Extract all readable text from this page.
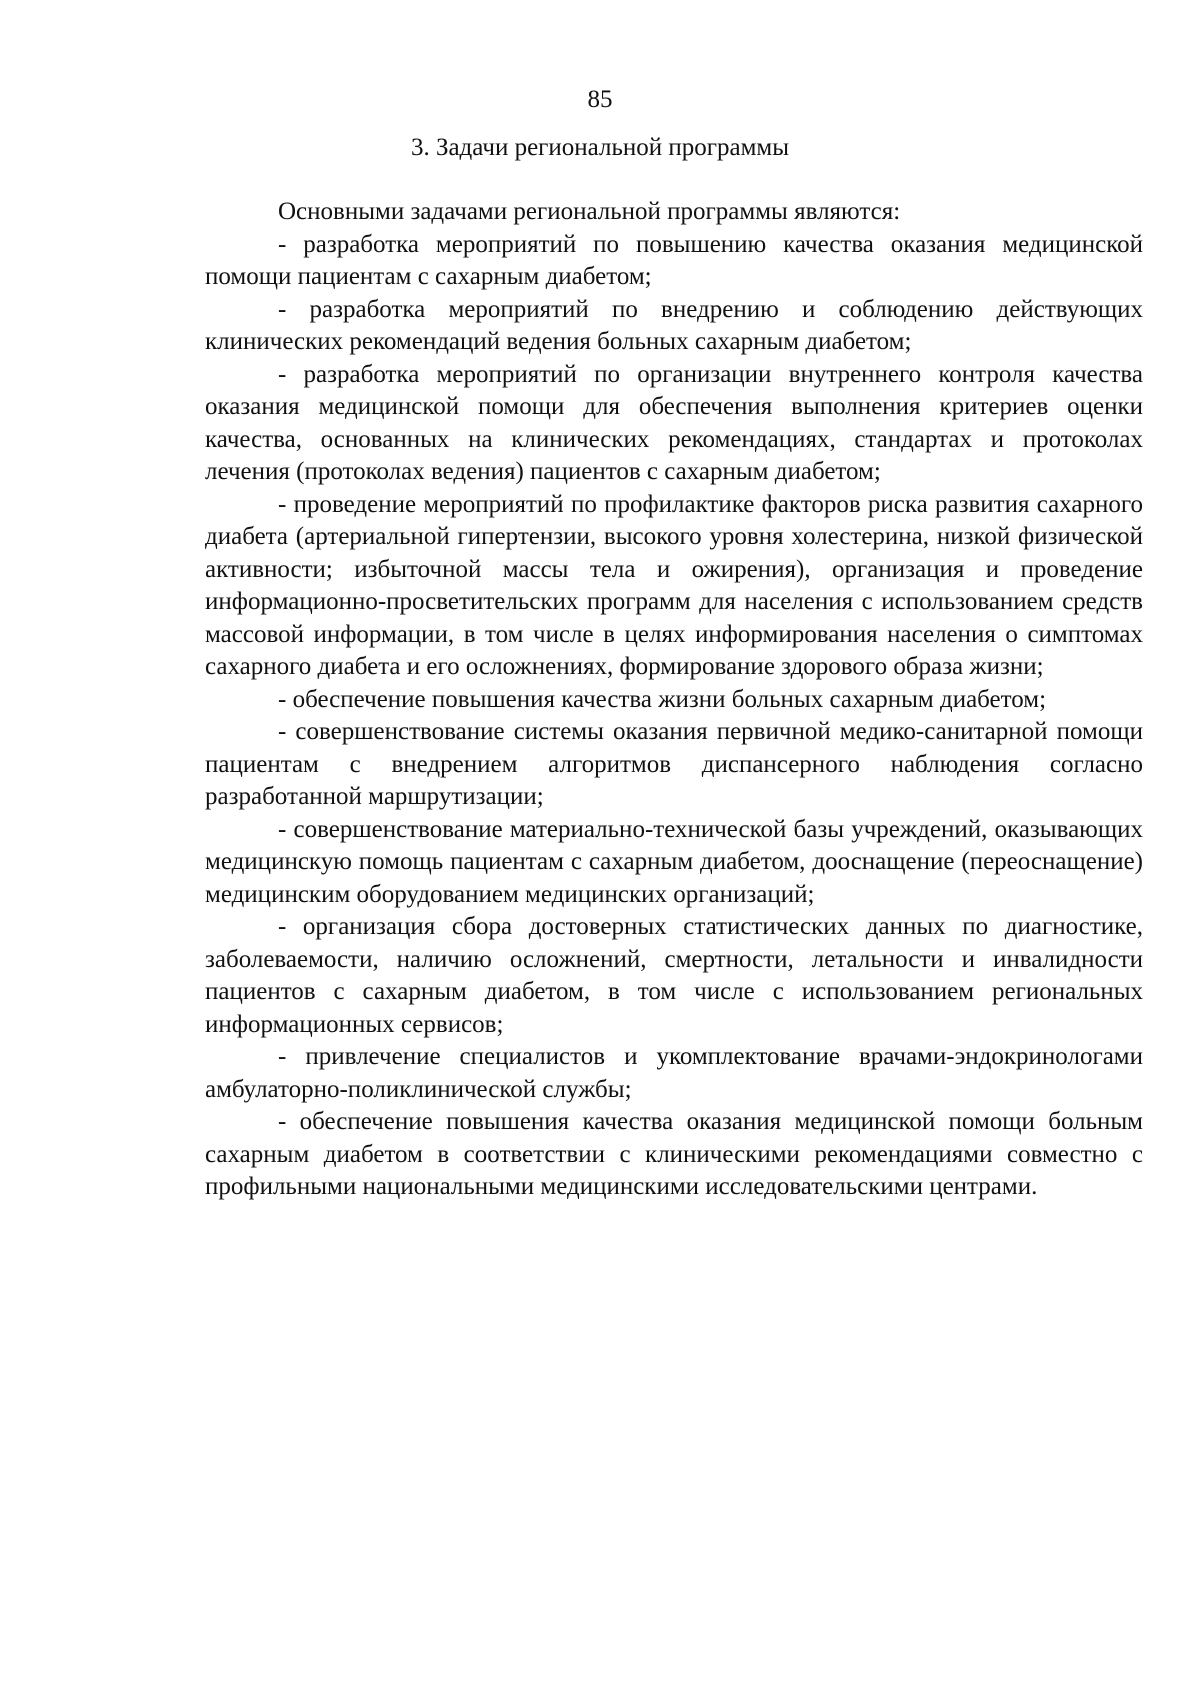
85
3. Задачи региональной программы

Основными задачами региональной программы являются:

- разработка мероприятий по повышению качества оказания медицинской помощи пациентам с сахарным диабетом;

- разработка мероприятий по внедрению и соблюдению действующих клинических рекомендаций ведения больных сахарным диабетом;

- разработка мероприятий по организации внутреннего контроля качества оказания медицинской помощи для обеспечения выполнения критериев оценки качества, основанных на клинических рекомендациях, стандартах и протоколах лечения (протоколах ведения) пациентов с сахарным диабетом;

- проведение мероприятий по профилактике факторов риска развития сахарного диабета (артериальной гипертензии, высокого уровня холестерина, низкой физической активности; избыточной массы тела и ожирения), организация и проведение информационно-просветительских программ для населения с использованием средств массовой информации, в том числе в целях информирования населения о симптомах сахарного диабета и его осложнениях, формирование здорового образа жизни;

- обеспечение повышения качества жизни больных сахарным диабетом;

- совершенствование системы оказания первичной медико-санитарной помощи пациентам с внедрением алгоритмов диспансерного наблюдения согласно разработанной маршрутизации;

- совершенствование материально-технической базы учреждений, оказывающих медицинскую помощь пациентам с сахарным диабетом, дооснащение (переоснащение) медицинским оборудованием медицинских организаций;

- организация сбора достоверных статистических данных по диагностике, заболеваемости, наличию осложнений, смертности, летальности и инвалидности пациентов с сахарным диабетом, в том числе с использованием региональных информационных сервисов;

- привлечение специалистов и укомплектование врачами-эндокринологами амбулаторно-поликлинической службы;

- обеспечение повышения качества оказания медицинской помощи больным сахарным диабетом в соответствии с клиническими рекомендациями совместно с профильными национальными медицинскими исследовательскими центрами.
